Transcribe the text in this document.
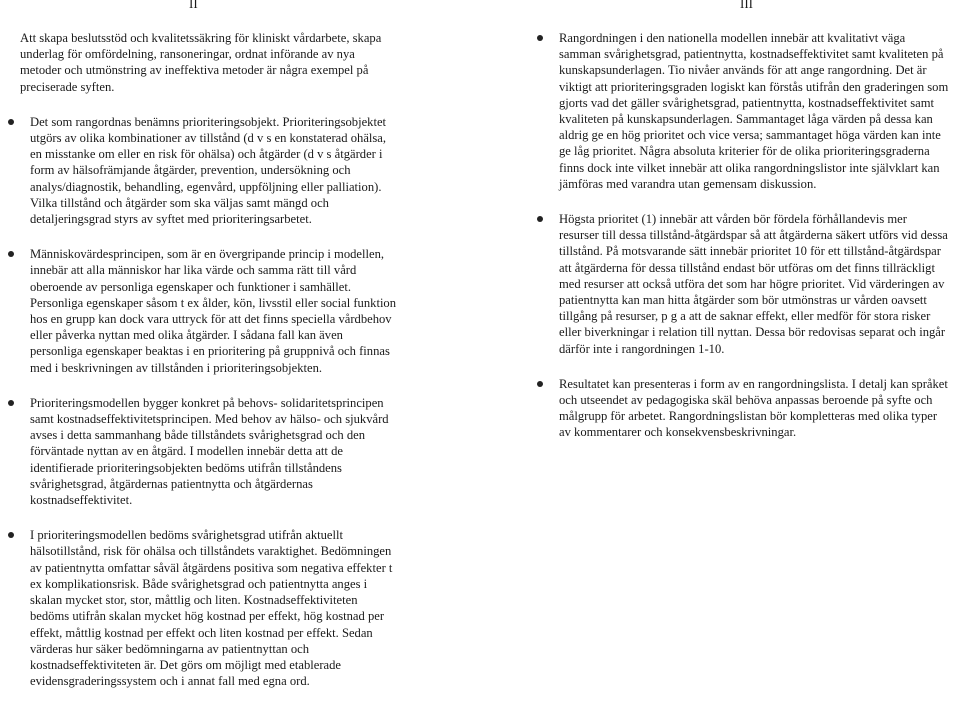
II	III

Att skapa beslutsstöd och kvalitetssäkring för kliniskt vårdarbete, skapa underlag för omfördelning, ransoneringar, ordnat införande av nya metoder och utmönstring av ineffektiva metoder är några exempel på preciserade syften.

Det som rangordnas benämns prioriteringsobjekt. Prioriteringsobjektet utgörs av olika kombinationer av tillstånd (d v s en konstaterad ohälsa, en misstanke om eller en risk för ohälsa) och åtgärder (d v s åtgärder i form av hälsofrämjande åtgärder, prevention, undersökning och analys/diagnostik, behandling, egenvård, uppföljning eller palliation). Vilka tillstånd och åtgärder som ska väljas samt mängd och detaljeringsgrad styrs av syftet med prioriteringsarbetet.
Människovärdesprincipen, som är en övergripande princip i modellen, innebär att alla människor har lika värde och samma rätt till vård oberoende av personliga egenskaper och funktioner i samhället. Personliga egenskaper såsom t ex ålder, kön, livsstil eller social funktion hos en grupp kan dock vara uttryck för att det finns speciella vårdbehov eller påverka nyttan med olika åtgärder. I sådana fall kan även personliga egenskaper beaktas i en prioritering på gruppnivå och finnas med i beskrivningen av tillstånden i prioriteringsobjekten.
Prioriteringsmodellen bygger konkret på behovs- solidaritetsprincipen samt kostnadseffektivitetsprincipen. Med behov av hälso- och sjukvård avses i detta sammanhang både tillståndets svårighetsgrad och den förväntade nyttan av en åtgärd. I modellen innebär detta att de identifierade prioriteringsobjekten bedöms utifrån tillståndens svårighetsgrad, åtgärdernas patientnytta och åtgärdernas kostnadseffektivitet.
I prioriteringsmodellen bedöms svårighetsgrad utifrån aktuellt hälsotillstånd, risk för ohälsa och tillståndets varaktighet. Bedömningen av patientnytta omfattar såväl åtgärdens positiva som negativa effekter t ex komplikationsrisk. Både svårighetsgrad och patientnytta anges i skalan mycket stor, stor, måttlig och liten. Kostnadseffektiviteten bedöms utifrån skalan mycket hög kostnad per effekt, hög kostnad per effekt, måttlig kostnad per effekt och liten kostnad per effekt. Sedan värderas hur säker bedömningarna av patientnyttan och kostnadseffektiviteten är. Det görs om möjligt med etablerade evidensgraderingssystem och i annat fall med egna ord.
Rangordningen i den nationella modellen innebär att kvalitativt väga samman svårighetsgrad, patientnytta, kostnadseffektivitet samt kvaliteten på kunskapsunderlagen. Tio nivåer används för att ange rangordning. Det är viktigt att prioriteringsgraden logiskt kan förstås utifrån den graderingen som gjorts vad det gäller svårighetsgrad, patientnytta, kostnadseffektivitet samt kvaliteten på kunskapsunderlagen. Sammantaget låga värden på dessa kan aldrig ge en hög prioritet och vice versa; sammantaget höga värden kan inte ge låg prioritet. Några absoluta kriterier för de olika prioriteringsgraderna finns dock inte vilket innebär att olika rangordningslistor inte självklart kan jämföras med varandra utan gemensam diskussion.
Högsta prioritet (1) innebär att vården bör fördela förhållandevis mer resurser till dessa tillstånd-åtgärdspar så att åtgärderna säkert utförs vid dessa tillstånd. På motsvarande sätt innebär prioritet 10 för ett tillstånd-åtgärdspar att åtgärderna för dessa tillstånd endast bör utföras om det finns tillräckligt med resurser att också utföra det som har högre prioritet. Vid värderingen av patientnytta kan man hitta åtgärder som bör utmönstras ur vården oavsett tillgång på resurser, p g a att de saknar effekt, eller medför för stora risker eller biverkningar i relation till nyttan. Dessa bör redovisas separat och ingår därför inte i rangordningen 1-10.
Resultatet kan presenteras i form av en rangordningslista. I detalj kan språket och utseendet av pedagogiska skäl behöva anpassas beroende på syfte och målgrupp för arbetet. Rangordningslistan bör kompletteras med olika typer av kommentarer och konsekvensbeskrivningar.
